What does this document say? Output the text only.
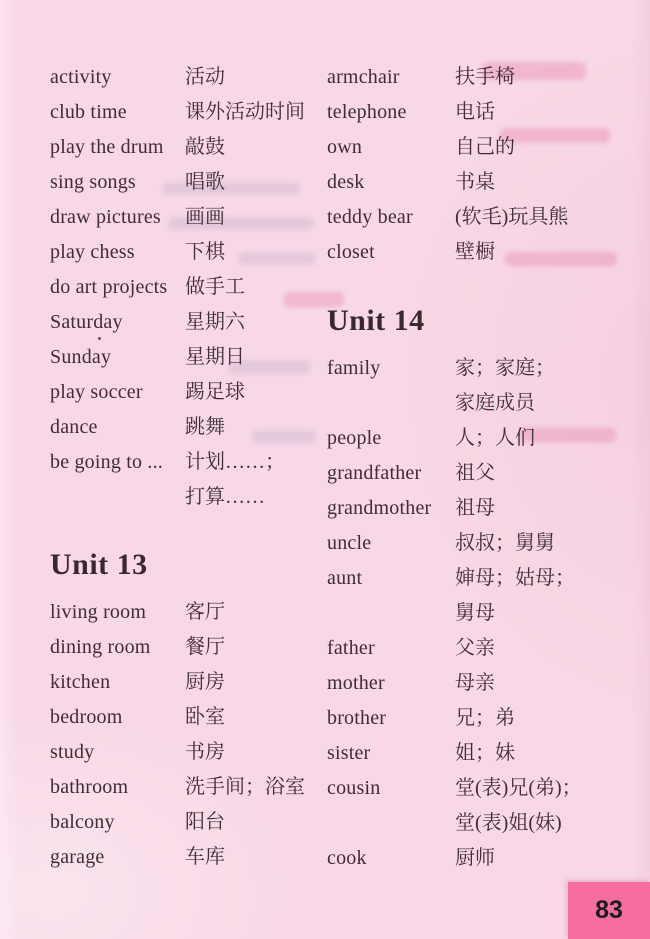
activity	活动
club time	课外活动时间
play the drum	敲鼓
sing songs	唱歌
draw pictures	画画
play chess	下棋
do art projects 做手工
Saturday	星期六
Sunday	星期日
play soccer	踢足球
dance	跳舞
be going to ...	计划……；
打算……
Unit 13
living room	客厅
dining room	餐厅
kitchen	厨房
bedroom	卧室
study	书房
bathroom	洗手间；浴室
balcony	阳台
garage	车库
armchair	扶手椅
telephone	电话
own	自己的
desk	书桌
teddy bear	(软毛)玩具熊
closet	壁橱
Unit 14
family	家；家庭；
家庭成员
people	人；人们
grandfather	祖父
grandmother	祖母
uncle	叔叔；舅舅
aunt	婶母；姑母；
舅母
father	父亲
mother	母亲
brother	兄；弟
sister	姐；妹
cousin	堂(表)兄(弟)；
堂(表)姐(妹)
cook	厨师
83
